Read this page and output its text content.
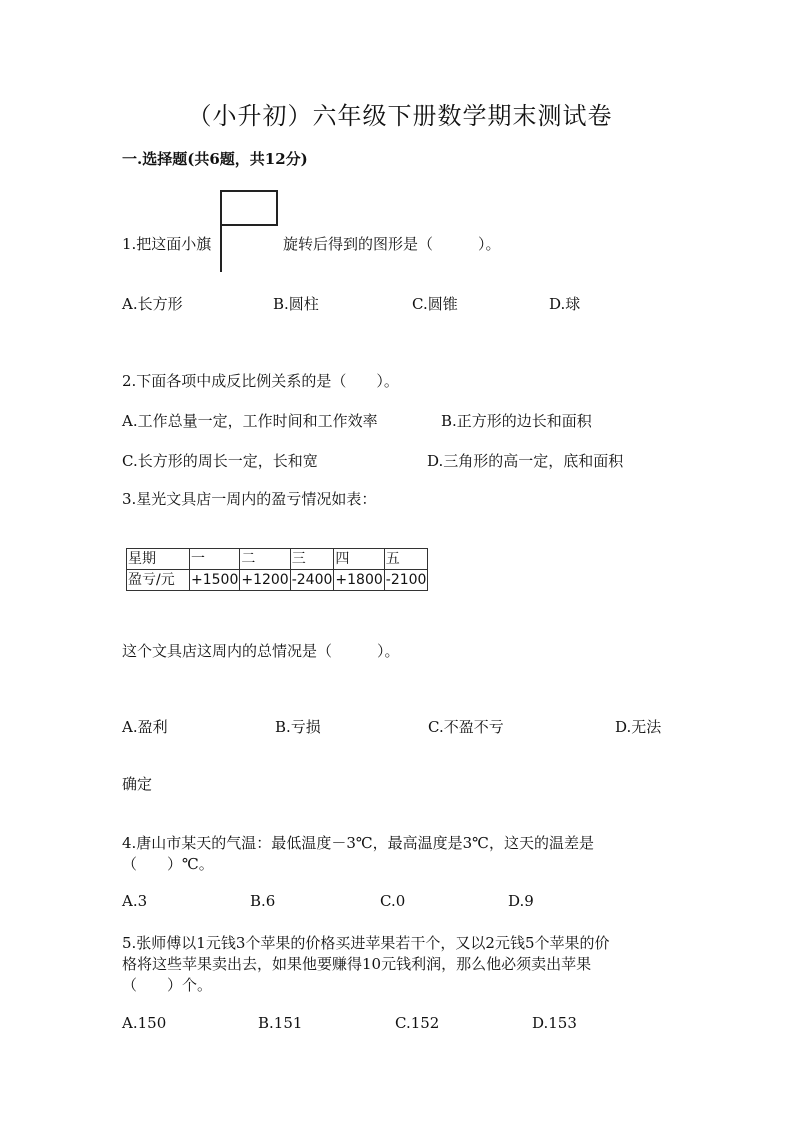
（小升初）六年级下册数学期末测试卷
一.选择题(共6题，共12分)
1.把这面小旗	旋转后得到的图形是（　　　）。
A.长方形	B.圆柱	C.圆锥	D.球
2.下面各项中成反比例关系的是（　　）。
A.工作总量一定，工作时间和工作效率	B.正方形的边长和面积
C.长方形的周长一定，长和宽	D.三角形的高一定，底和面积
3.星光文具店一周内的盈亏情况如表：
星期	一	二	三	四	五
盈亏/元	+1500	+1200	-2400	+1800	-2100
这个文具店这周内的总情况是（　　　）。
A.盈利	B.亏损	C.不盈不亏	D.无法
确定
4.唐山市某天的气温：最低温度－3℃，最高温度是3℃，这天的温差是
（　　）℃。
A.3	B.6	C.0	D.9
5.张师傅以1元钱3个苹果的价格买进苹果若干个，又以2元钱5个苹果的价
格将这些苹果卖出去，如果他要赚得10元钱利润，那么他必须卖出苹果
（　　）个。
A.150	B.151	C.152	D.153
